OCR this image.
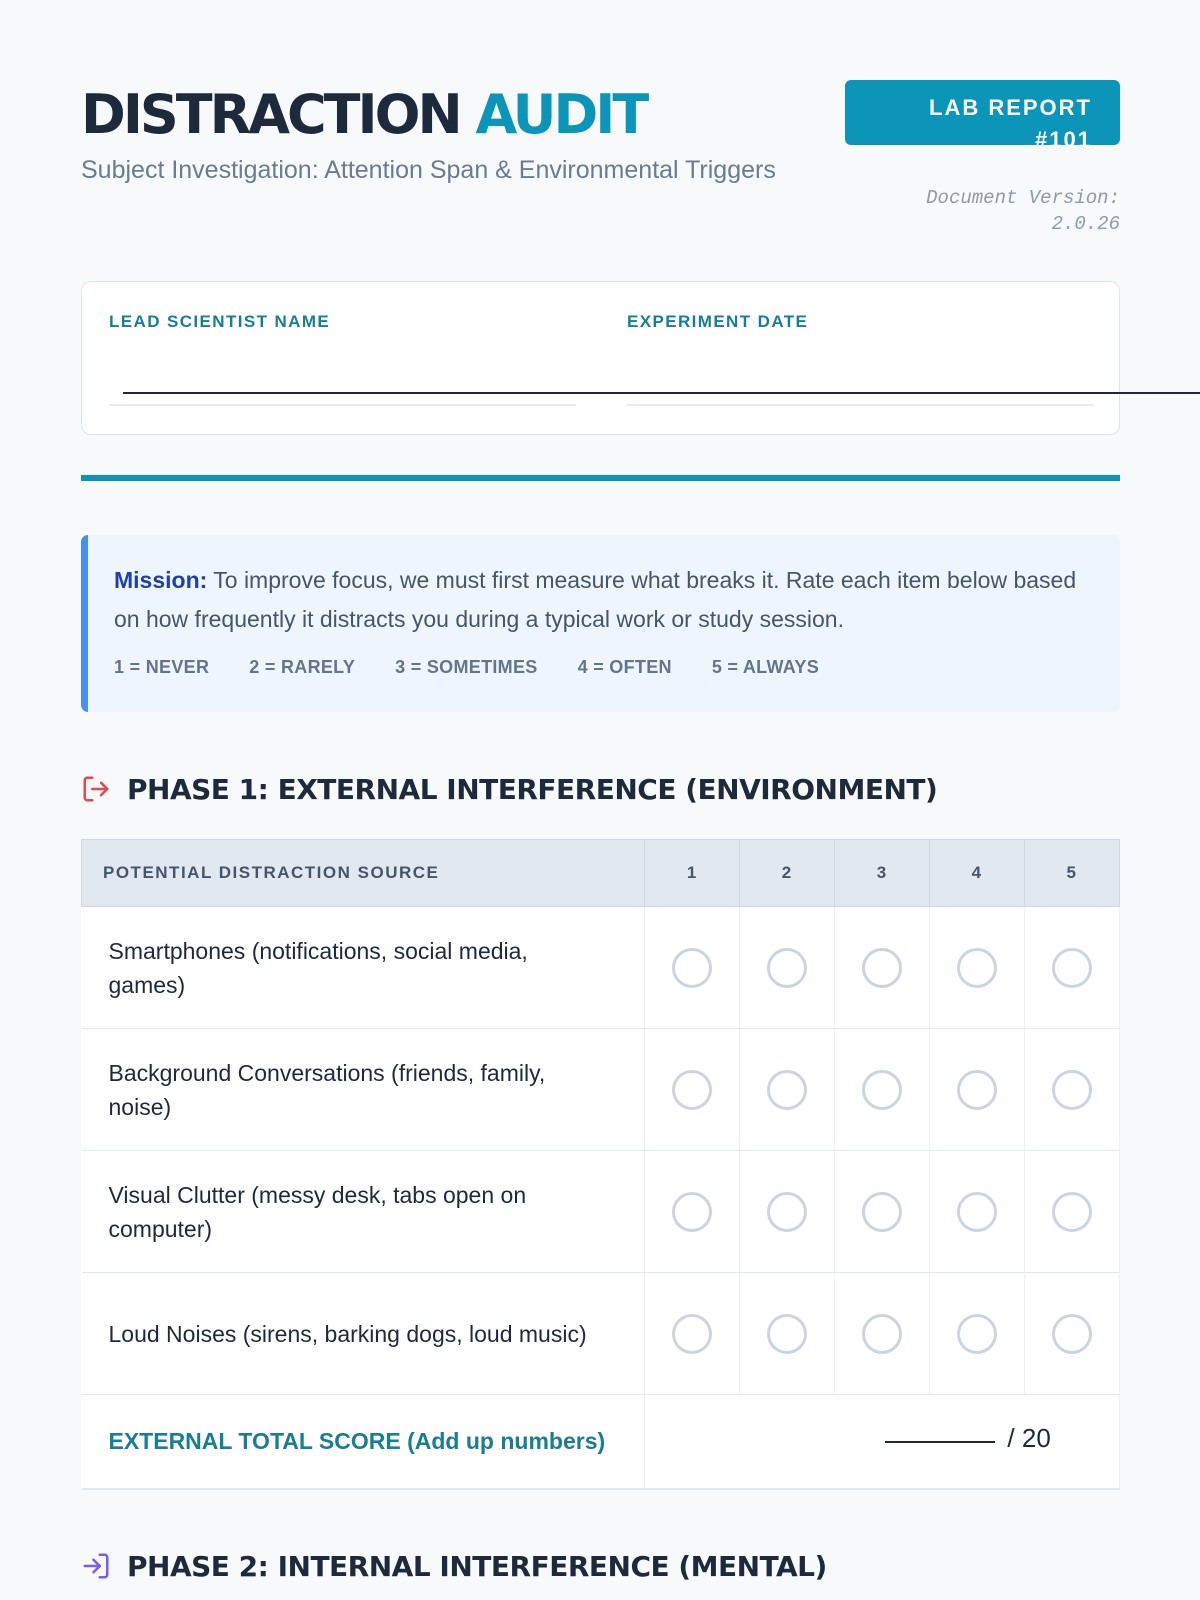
DISTRACTION AUDIT
Subject Investigation: Attention Span & Environmental Triggers
LAB REPORT
#101
Document Version:
2.0.26
LEAD SCIENTIST NAME	EXPERIMENT DATE
Mission: To improve focus, we must first measure what breaks it. Rate each item below based on how frequently it distracts you during a typical work or study session.
1 = NEVER 2 = RARELY 3 = SOMETIMES 4 = OFTEN 5 = ALWAYS
PHASE 1: EXTERNAL INTERFERENCE (ENVIRONMENT)
POTENTIAL DISTRACTION SOURCE	1	2	3	4	5
Smartphones (notifications, social media, games)					
Background Conversations (friends, family, noise)					
Visual Clutter (messy desk, tabs open on computer)					
Loud Noises (sirens, barking dogs, loud music)					
EXTERNAL TOTAL SCORE (Add up numbers)	/ 20				
PHASE 2: INTERNAL INTERFERENCE (MENTAL)
